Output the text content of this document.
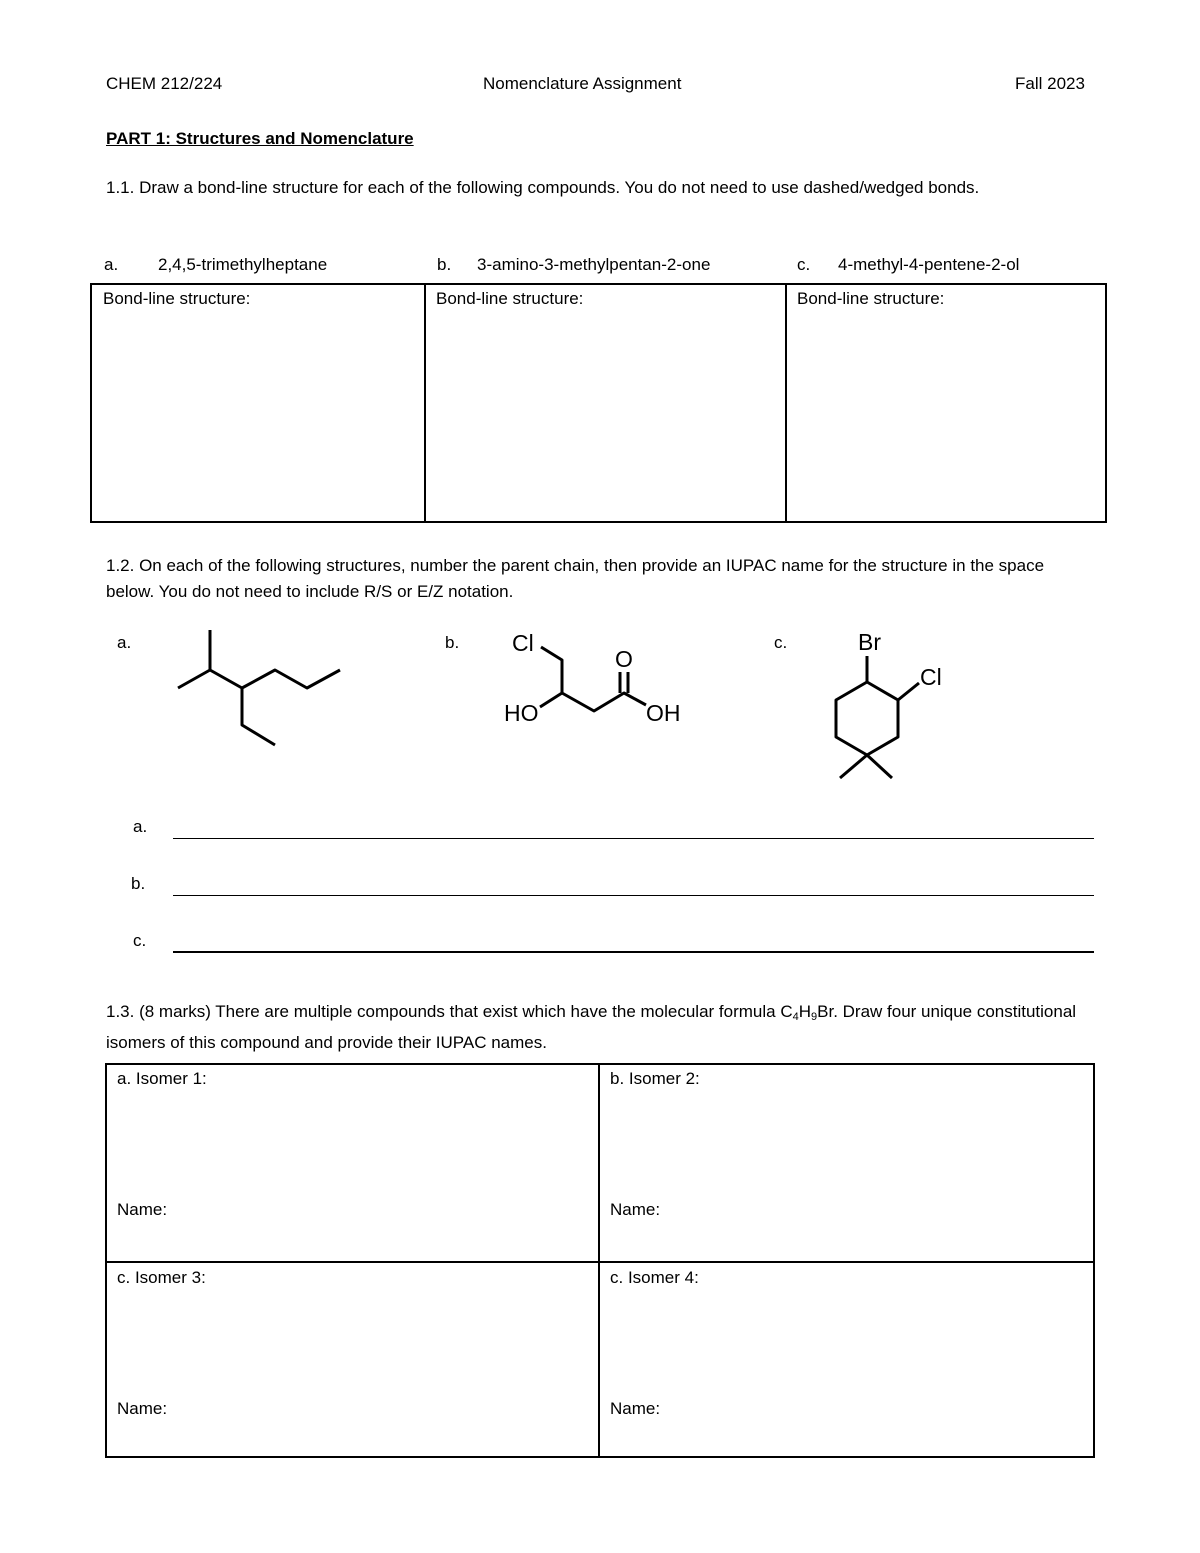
CHEM 212/224	Nomenclature Assignment	Fall 2023
PART 1: Structures and Nomenclature
1.1. Draw a bond-line structure for each of the following compounds. You do not need to use dashed/wedged bonds.
a. 2,4,5-trimethylheptane	b. 3-amino-3-methylpentan-2-one	c. 4-methyl-4-pentene-2-ol
Bond-line structure:	Bond-line structure:	Bond-line structure:
1.2. On each of the following structures, number the parent chain, then provide an IUPAC name for the structure in the space below. You do not need to include R/S or E/Z notation.
a.	b.	c.
Cl
O
HO	OH
Br
Cl
a.
b.
c.
1.3. (8 marks) There are multiple compounds that exist which have the molecular formula $C_4H_9Br$. Draw four unique constitutional isomers of this compound and provide their IUPAC names.
a. Isomer 1:
Name:
b. Isomer 2:
Name:
c. Isomer 3:
Name:
c. Isomer 4:
Name:
